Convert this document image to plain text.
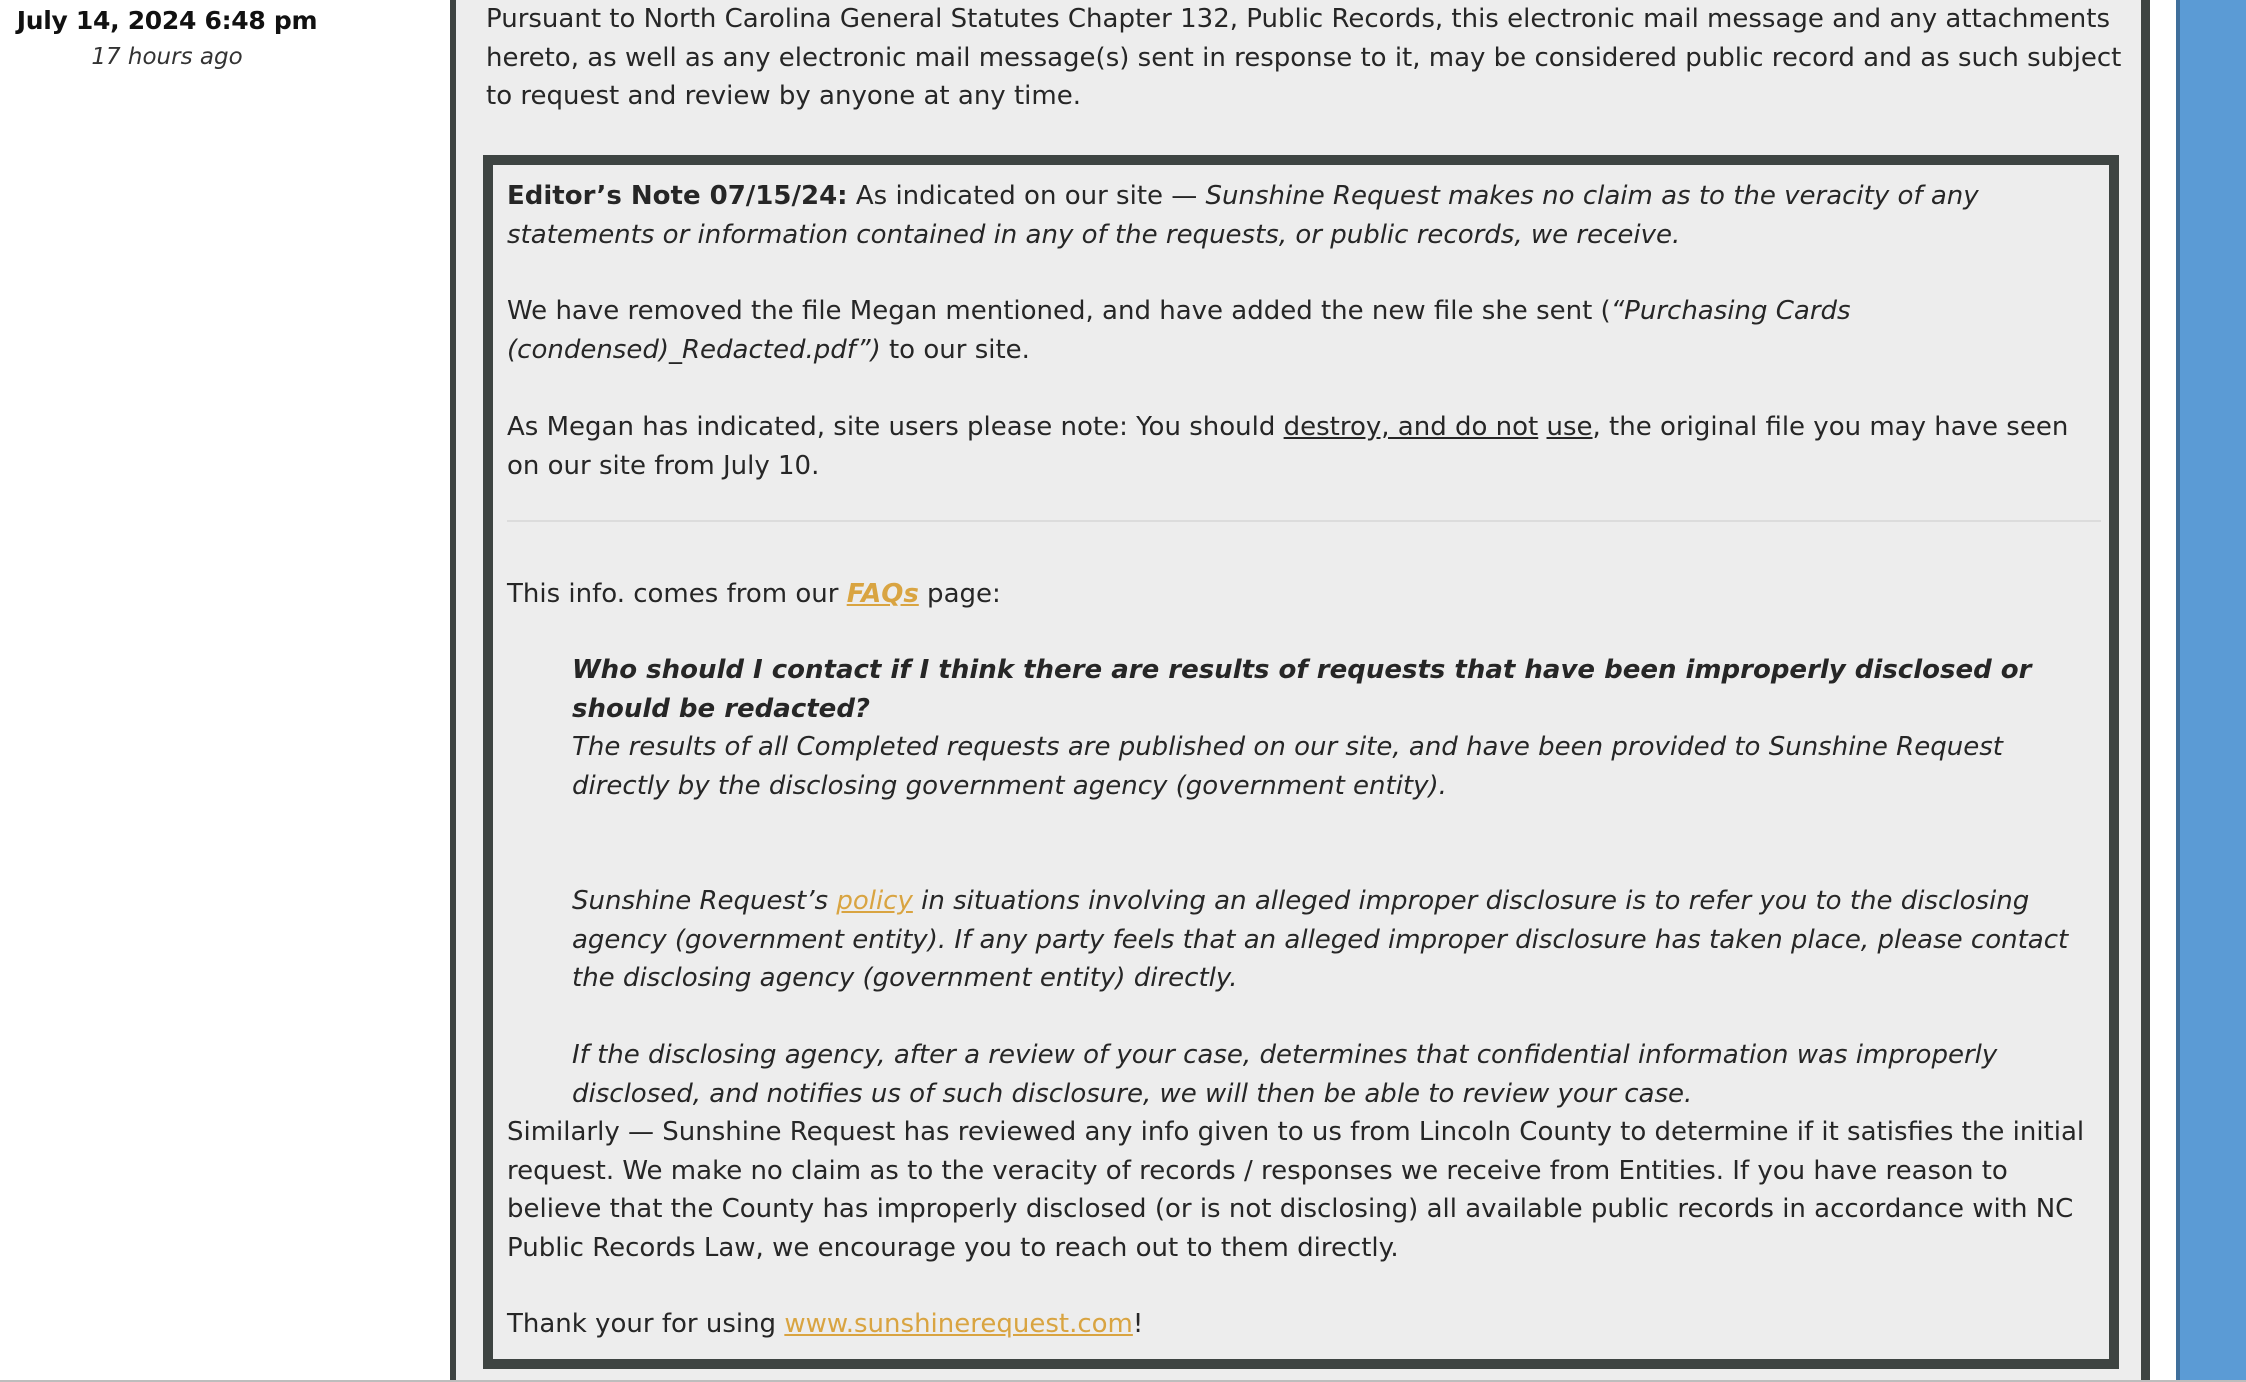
July 14, 2024 6:48 pm
17 hours ago
Pursuant to North Carolina General Statutes Chapter 132, Public Records, this electronic mail message and any attachments hereto, as well as any electronic mail message(s) sent in response to it, may be considered public record and as such subject to request and review by anyone at any time.

Editor’s Note 07/15/24: As indicated on our site — Sunshine Request makes no claim as to the veracity of any statements or information contained in any of the requests, or public records, we receive.

We have removed the file Megan mentioned, and have added the new file she sent (“Purchasing Cards (condensed)_Redacted.pdf”) to our site.

As Megan has indicated, site users please note: You should destroy, and do not use, the original file you may have seen on our site from July 10.

This info. comes from our FAQs page:

Who should I contact if I think there are results of requests that have been improperly disclosed or should be redacted?

The results of all Completed requests are published on our site, and have been provided to Sunshine Request directly by the disclosing government agency (government entity).

Sunshine Request’s policy in situations involving an alleged improper disclosure is to refer you to the disclosing agency (government entity). If any party feels that an alleged improper disclosure has taken place, please contact the disclosing agency (government entity) directly.

If the disclosing agency, after a review of your case, determines that confidential information was improperly disclosed, and notifies us of such disclosure, we will then be able to review your case.

Similarly — Sunshine Request has reviewed any info given to us from Lincoln County to determine if it satisfies the initial request. We make no claim as to the veracity of records / responses we receive from Entities. If you have reason to believe that the County has improperly disclosed (or is not disclosing) all available public records in accordance with NC Public Records Law, we encourage you to reach out to them directly.

Thank your for using www.sunshinerequest.com!
